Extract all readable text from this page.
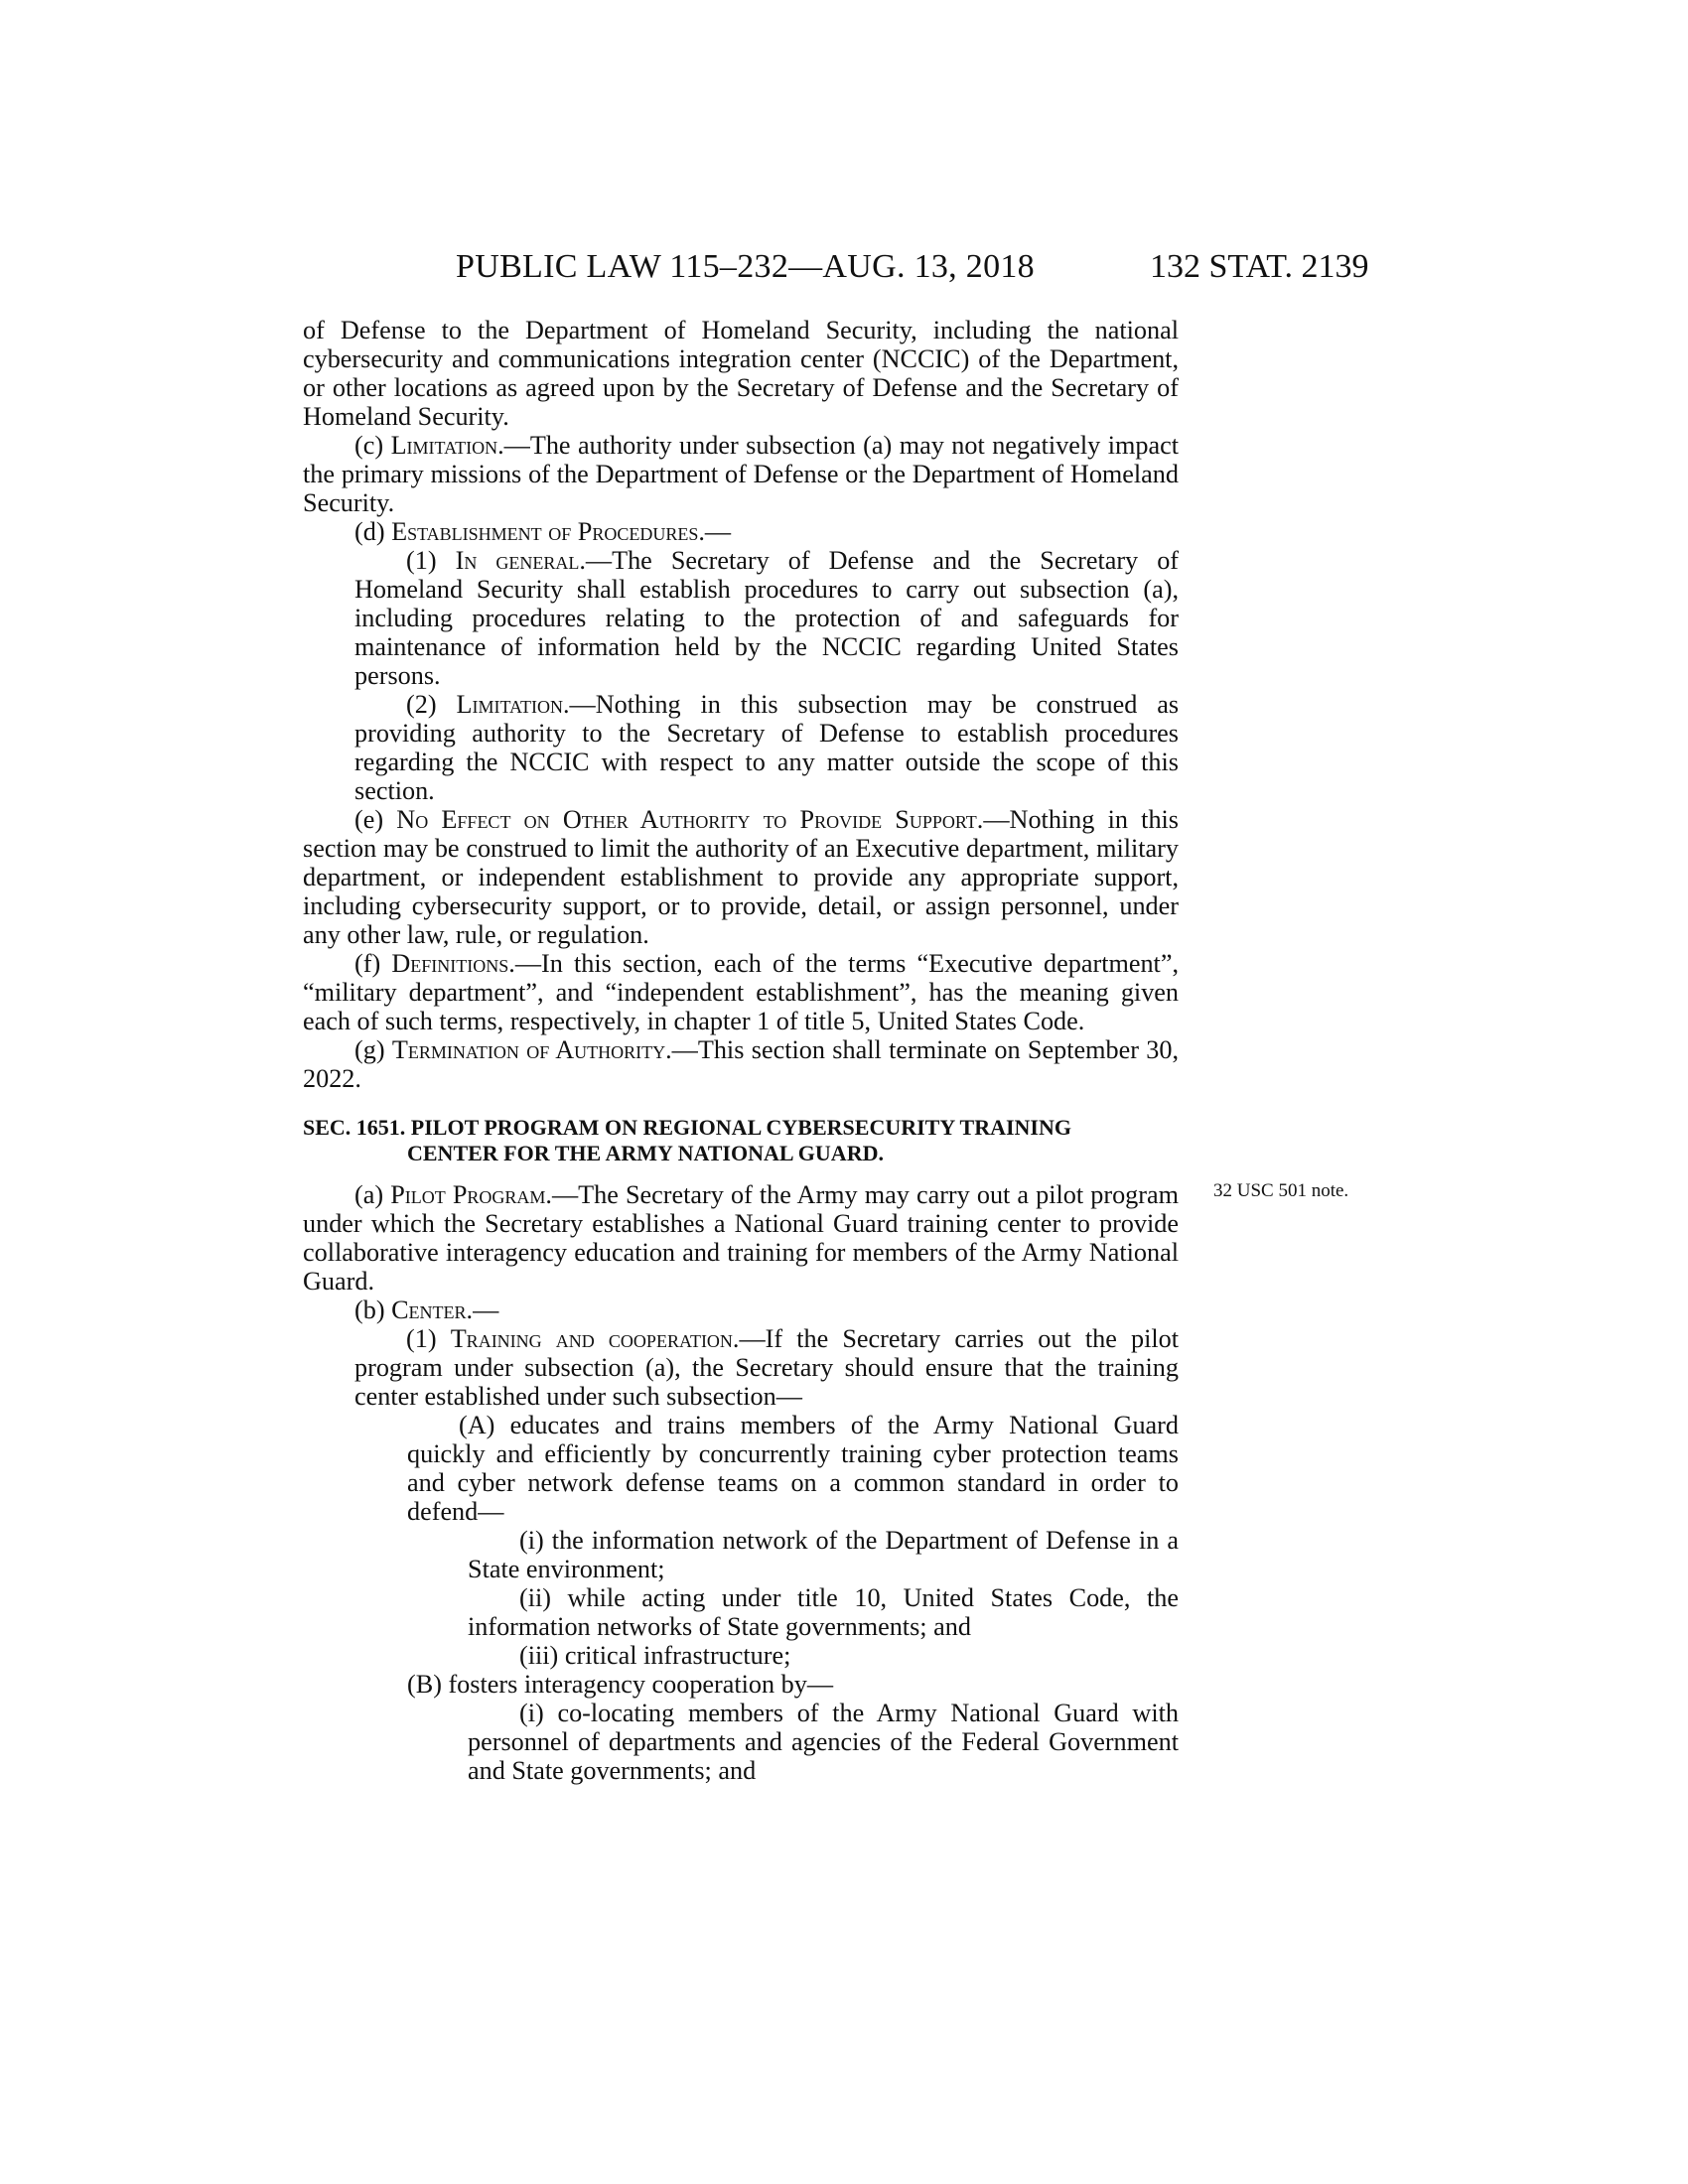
PUBLIC LAW 115–232—AUG. 13, 2018	132 STAT. 2139
32 USC 501 note.

of Defense to the Department of Homeland Security, including the national cybersecurity and communications integration center (NCCIC) of the Department, or other locations as agreed upon by the Secretary of Defense and the Secretary of Homeland Security.

(c) Limitation.—The authority under subsection (a) may not negatively impact the primary missions of the Department of Defense or the Department of Homeland Security.

(d) Establishment of Procedures.—

(1) In general.—The Secretary of Defense and the Secretary of Homeland Security shall establish procedures to carry out subsection (a), including procedures relating to the protection of and safeguards for maintenance of information held by the NCCIC regarding United States persons.

(2) Limitation.—Nothing in this subsection may be construed as providing authority to the Secretary of Defense to establish procedures regarding the NCCIC with respect to any matter outside the scope of this section.

(e) No Effect on Other Authority to Provide Support.—Nothing in this section may be construed to limit the authority of an Executive department, military department, or independent establishment to provide any appropriate support, including cybersecurity support, or to provide, detail, or assign personnel, under any other law, rule, or regulation.

(f) Definitions.—In this section, each of the terms “Executive department”, “military department”, and “independent establishment”, has the meaning given each of such terms, respectively, in chapter 1 of title 5, United States Code.

(g) Termination of Authority.—This section shall terminate on September 30, 2022.

SEC. 1651. PILOT PROGRAM ON REGIONAL CYBERSECURITY TRAINING
CENTER FOR THE ARMY NATIONAL GUARD.

(a) Pilot Program.—The Secretary of the Army may carry out a pilot program under which the Secretary establishes a National Guard training center to provide collaborative interagency education and training for members of the Army National Guard.

(b) Center.—

(1) Training and cooperation.—If the Secretary carries out the pilot program under subsection (a), the Secretary should ensure that the training center established under such subsection—

(A) educates and trains members of the Army National Guard quickly and efficiently by concurrently training cyber protection teams and cyber network defense teams on a common standard in order to defend—

(i) the information network of the Department of Defense in a State environment;

(ii) while acting under title 10, United States Code, the information networks of State governments; and

(iii) critical infrastructure;

(B) fosters interagency cooperation by—

(i) co-locating members of the Army National Guard with personnel of departments and agencies of the Federal Government and State governments; and
